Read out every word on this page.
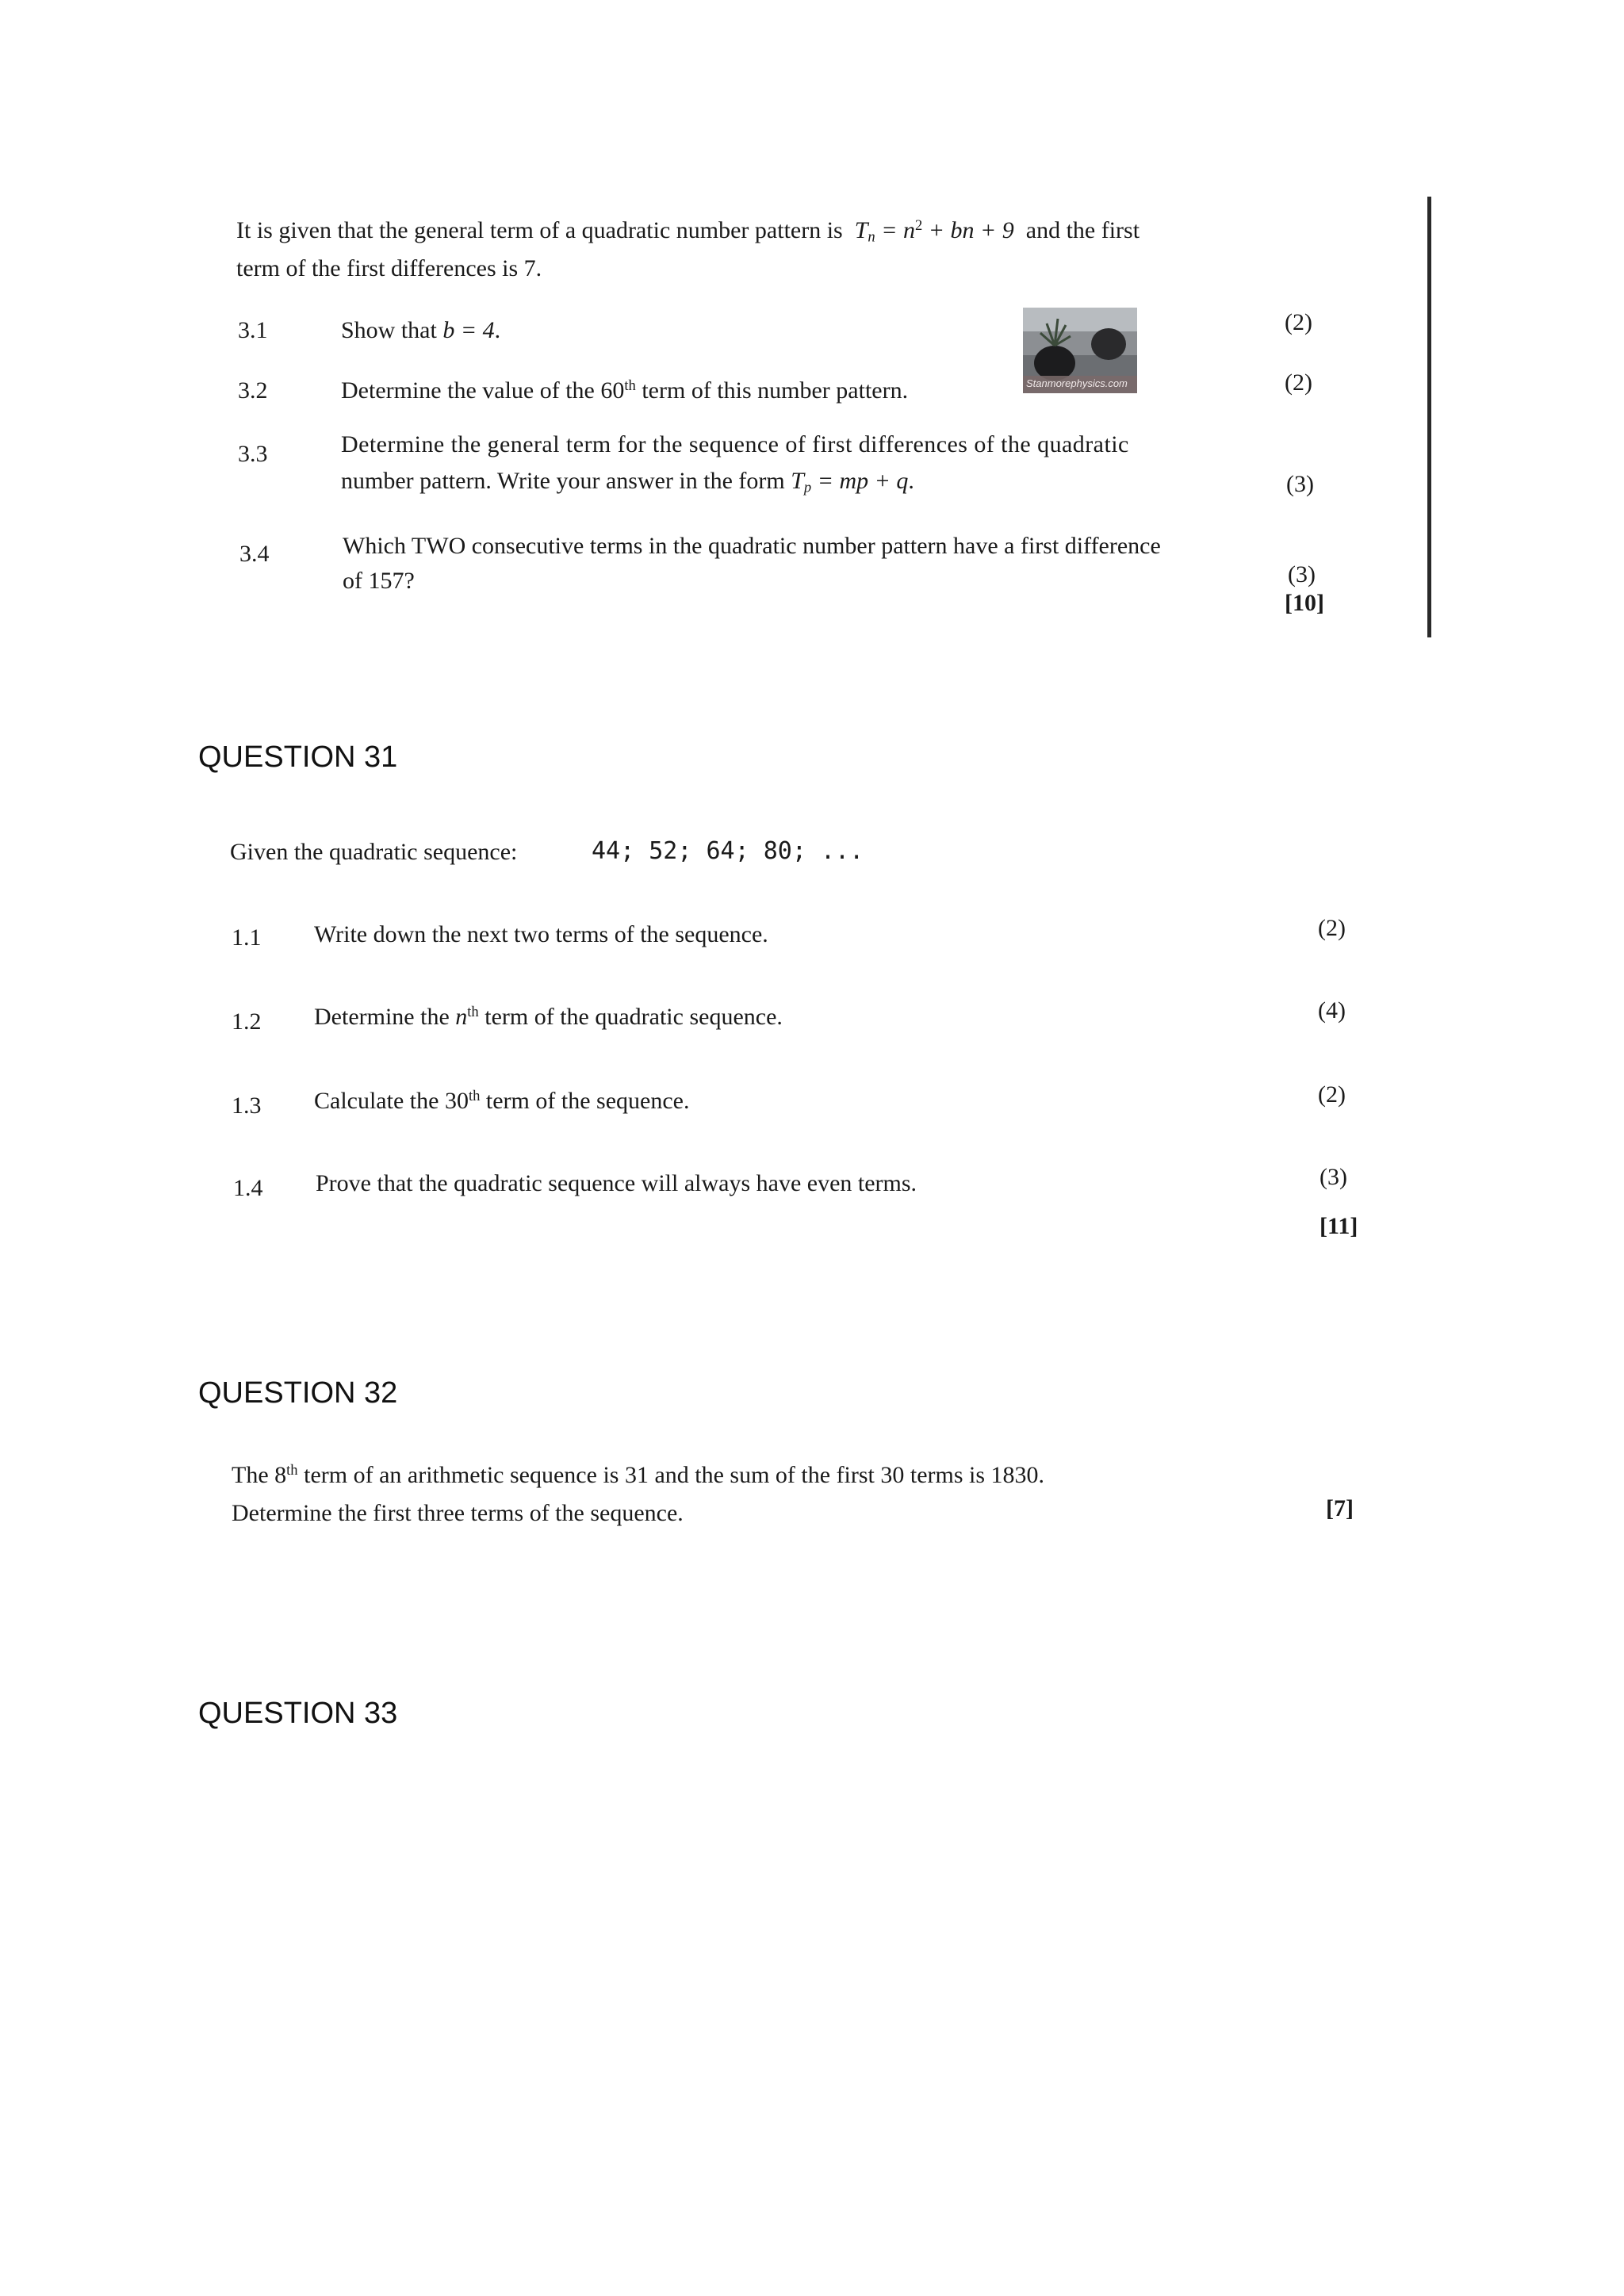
It is given that the general term of a quadratic number pattern is $T_n = n^2$ + bn + 9 and the first
term of the first differences is 7.
3.1	Show that b = 4.	(2)
Stanmorephysics.com
3.2	Determine the value of the 60th term of this number pattern.	(2)
3.3	Determine the general term for the sequence of first differences of the quadratic
number pattern. Write your answer in the form $T_p$ = mp + q.	(3)
3.4	Which TWO consecutive terms in the quadratic number pattern have a first difference
of 157?	(3)
[10]
QUESTION 31
Given the quadratic sequence:	44; 52; 64; 80; ...
1.1 Write down the next two terms of the sequence.	(2)
1.2 Determine the $n^{th}$ term of the quadratic sequence.	(4)
1.3 Calculate the 30th term of the sequence.	(2)
1.4 Prove that the quadratic sequence will always have even terms.	(3)
[11]
QUESTION 32
The 8th term of an arithmetic sequence is 31 and the sum of the first 30 terms is 1830.
Determine the first three terms of the sequence.	[7]
QUESTION 33
